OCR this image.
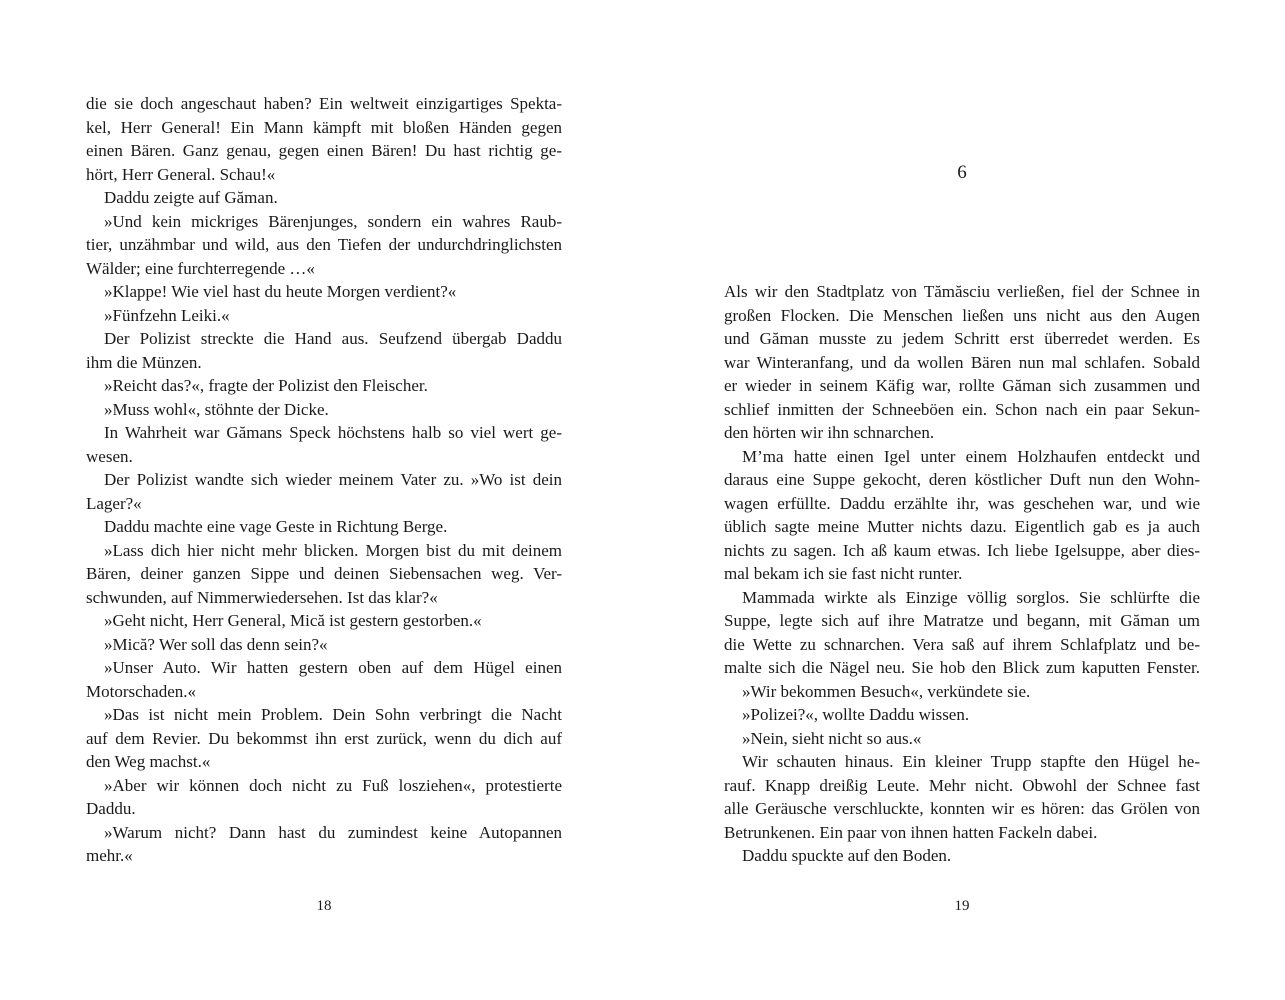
die sie doch angeschaut haben? Ein weltweit einzigartiges Spekta-
kel, Herr General! Ein Mann kämpft mit bloßen Händen gegen
einen Bären. Ganz genau, gegen einen Bären! Du hast richtig ge-
hört, Herr General. Schau!«
Daddu zeigte auf Găman.
»Und kein mickriges Bärenjunges, sondern ein wahres Raub-
tier, unzähmbar und wild, aus den Tiefen der undurchdringlichsten
Wälder; eine furchterregende …«
»Klappe! Wie viel hast du heute Morgen verdient?«
»Fünfzehn Leiki.«
Der Polizist streckte die Hand aus. Seufzend übergab Daddu
ihm die Münzen.
»Reicht das?«, fragte der Polizist den Fleischer.
»Muss wohl«, stöhnte der Dicke.
In Wahrheit war Gămans Speck höchstens halb so viel wert ge-
wesen.
Der Polizist wandte sich wieder meinem Vater zu. »Wo ist dein
Lager?«
Daddu machte eine vage Geste in Richtung Berge.
»Lass dich hier nicht mehr blicken. Morgen bist du mit deinem
Bären, deiner ganzen Sippe und deinen Siebensachen weg. Ver-
schwunden, auf Nimmerwiedersehen. Ist das klar?«
»Geht nicht, Herr General, Mică ist gestern gestorben.«
»Mică? Wer soll das denn sein?«
»Unser Auto. Wir hatten gestern oben auf dem Hügel einen
Motorschaden.«
»Das ist nicht mein Problem. Dein Sohn verbringt die Nacht
auf dem Revier. Du bekommst ihn erst zurück, wenn du dich auf
den Weg machst.«
»Aber wir können doch nicht zu Fuß losziehen«, protestierte
Daddu.
»Warum nicht? Dann hast du zumindest keine Autopannen
mehr.«
18
6
Als wir den Stadtplatz von Tămăsciu verließen, fiel der Schnee in
großen Flocken. Die Menschen ließen uns nicht aus den Augen
und Găman musste zu jedem Schritt erst überredet werden. Es
war Winteranfang, und da wollen Bären nun mal schlafen. Sobald
er wieder in seinem Käfig war, rollte Găman sich zusammen und
schlief inmitten der Schneeböen ein. Schon nach ein paar Sekun-
den hörten wir ihn schnarchen.
M’ma hatte einen Igel unter einem Holzhaufen entdeckt und
daraus eine Suppe gekocht, deren köstlicher Duft nun den Wohn-
wagen erfüllte. Daddu erzählte ihr, was geschehen war, und wie
üblich sagte meine Mutter nichts dazu. Eigentlich gab es ja auch
nichts zu sagen. Ich aß kaum etwas. Ich liebe Igelsuppe, aber dies-
mal bekam ich sie fast nicht runter.
Mammada wirkte als Einzige völlig sorglos. Sie schlürfte die
Suppe, legte sich auf ihre Matratze und begann, mit Găman um
die Wette zu schnarchen. Vera saß auf ihrem Schlafplatz und be-
malte sich die Nägel neu. Sie hob den Blick zum kaputten Fenster.
»Wir bekommen Besuch«, verkündete sie.
»Polizei?«, wollte Daddu wissen.
»Nein, sieht nicht so aus.«
Wir schauten hinaus. Ein kleiner Trupp stapfte den Hügel he-
rauf. Knapp dreißig Leute. Mehr nicht. Obwohl der Schnee fast
alle Geräusche verschluckte, konnten wir es hören: das Grölen von
Betrunkenen. Ein paar von ihnen hatten Fackeln dabei.
Daddu spuckte auf den Boden.
19
